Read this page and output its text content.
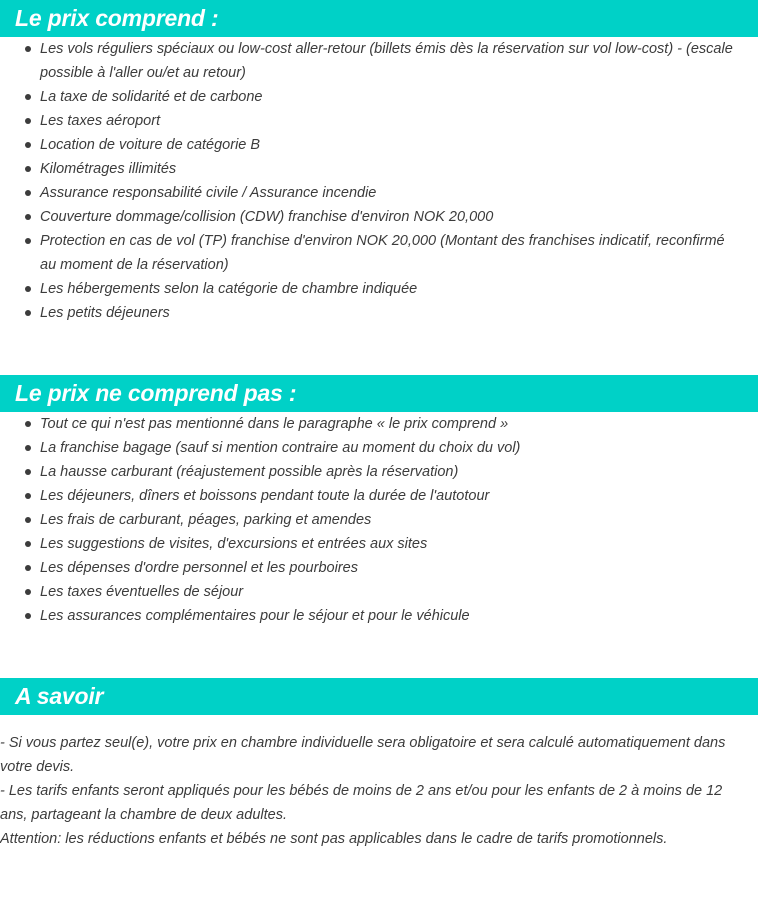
Le prix comprend :
Les vols réguliers spéciaux ou low-cost aller-retour (billets émis dès la réservation sur vol low-cost) - (escale possible à l'aller ou/et au retour)
La taxe de solidarité et de carbone
Les taxes aéroport
Location de voiture de catégorie B
Kilométrages illimités
Assurance responsabilité civile / Assurance incendie
Couverture dommage/collision (CDW) franchise d'environ NOK 20,000
Protection en cas de vol (TP) franchise d'environ NOK 20,000 (Montant des franchises indicatif, reconfirmé au moment de la réservation)
Les hébergements selon la catégorie de chambre indiquée
Les petits déjeuners
Le prix ne comprend pas :
Tout ce qui n'est pas mentionné dans le paragraphe « le prix comprend »
La franchise bagage (sauf si mention contraire au moment du choix du vol)
La hausse carburant (réajustement possible après la réservation)
Les déjeuners, dîners et boissons pendant toute la durée de l'autotour
Les frais de carburant, péages, parking et amendes
Les suggestions de visites, d'excursions et entrées aux sites
Les dépenses d'ordre personnel et les pourboires
Les taxes éventuelles de séjour
Les assurances complémentaires pour le séjour et pour le véhicule
A savoir

- Si vous partez seul(e), votre prix en chambre individuelle sera obligatoire et sera calculé automatiquement dans votre devis.

- Les tarifs enfants seront appliqués pour les bébés de moins de 2 ans et/ou pour les enfants de 2 à moins de 12 ans, partageant la chambre de deux adultes.

Attention: les réductions enfants et bébés ne sont pas applicables dans le cadre de tarifs promotionnels.
